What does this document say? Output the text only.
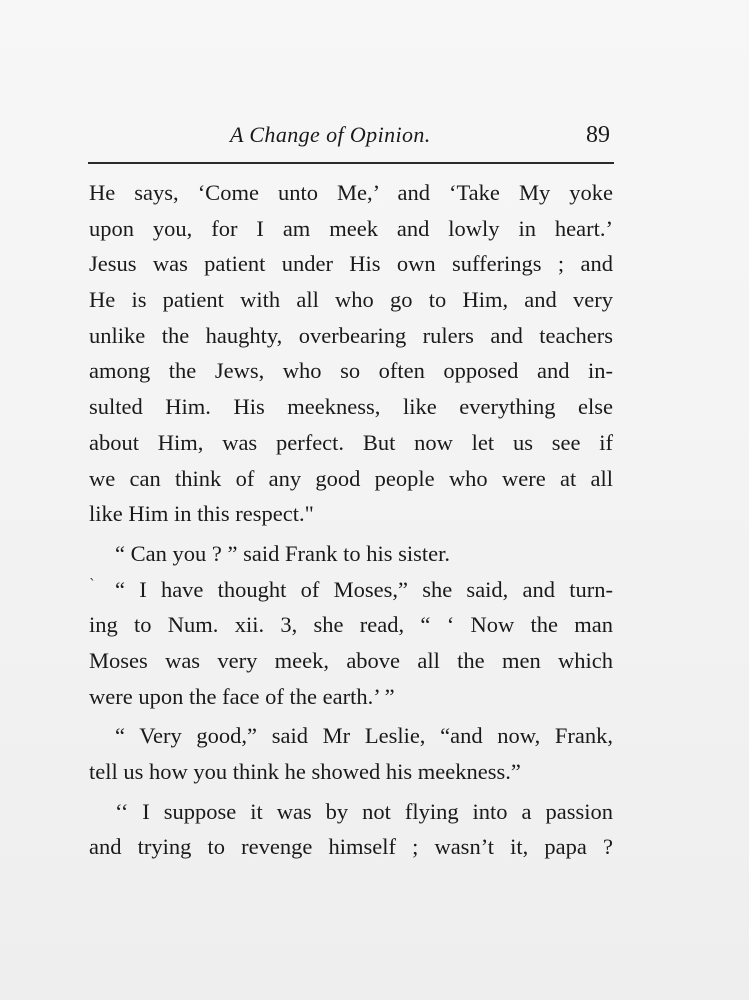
A Change of Opinion.	89
He says, ‘Come unto Me,’ and ‘Take My yoke
upon you, for I am meek and lowly in heart.’
Jesus was patient under His own sufferings ; and
He is patient with all who go to Him, and very
unlike the haughty, overbearing rulers and teachers
among the Jews, who so often opposed and in-
sulted Him. His meekness, like everything else
about Him, was perfect. But now let us see if
we can think of any good people who were at all
like Him in this respect."
“ Can you ? ” said Frank to his sister.
“ I have thought of Moses,” she said, and turn-
ing to Num. xii. 3, she read, “ ‘ Now the man
Moses was very meek, above all the men which
were upon the face of the earth.’ ”
“ Very good,” said Mr Leslie, “and now, Frank,
tell us how you think he showed his meekness.”
‘‘ I suppose it was by not flying into a passion
and trying to revenge himself ; wasn’t it, papa ?
ˎ
